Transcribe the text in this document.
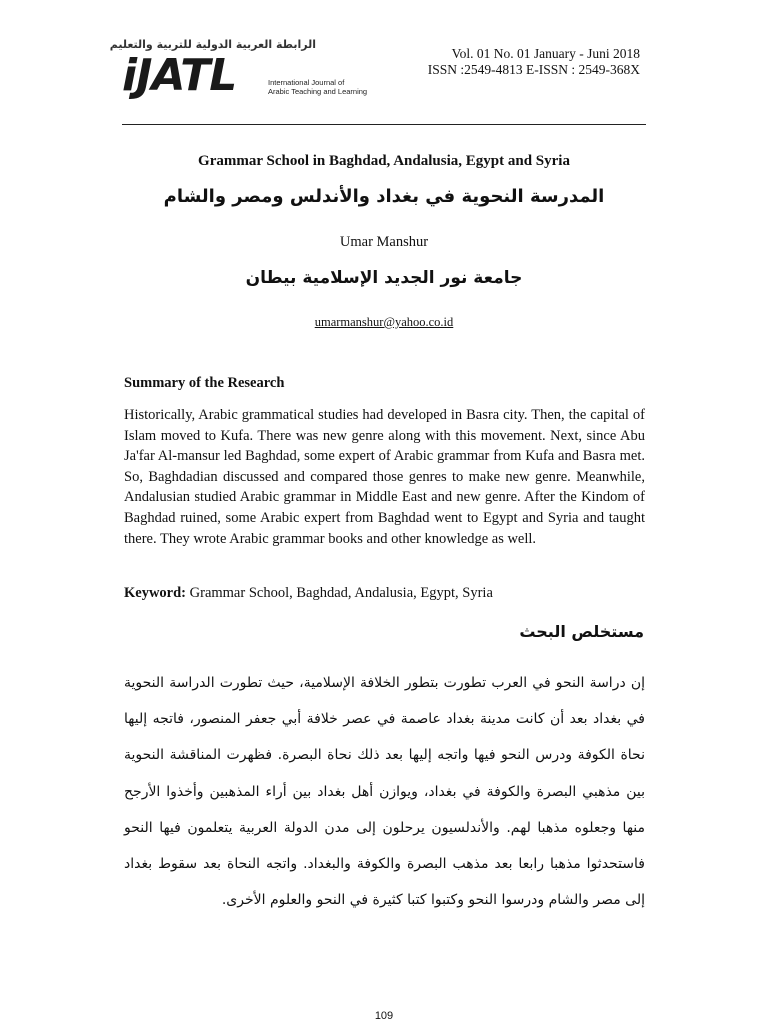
الرابطة العربية الدولية للتربية والتعليم
iJATL	International Journal of
Arabic Teaching and Learning
Vol. 01 No. 01 January - Juni 2018
ISSN :2549-4813 E-ISSN : 2549-368X
Grammar School in Baghdad, Andalusia, Egypt and Syria
المدرسة النحوية في بغداد والأندلس ومصر والشام
Umar Manshur
جامعة نور الجديد الإسلامية بيطان
umarmanshur@yahoo.co.id
Summary of the Research
Historically, Arabic grammatical studies had developed in Basra city. Then, the capital of Islam moved to Kufa. There was new genre along with this movement. Next, since Abu Ja'far Al-mansur led Baghdad, some expert of Arabic grammar from Kufa and Basra met. So, Baghdadian discussed and compared those genres to make new genre. Meanwhile, Andalusian studied Arabic grammar in Middle East and new genre. After the Kindom of Baghdad ruined, some Arabic expert from Baghdad went to Egypt and Syria and taught there. They wrote Arabic grammar books and other knowledge as well.
Keyword: Grammar School, Baghdad, Andalusia, Egypt, Syria
مستخلص البحث
إن دراسة النحو في العرب تطورت بتطور الخلافة الإسلامية، حيث تطورت الدراسة النحوية في بغداد بعد أن كانت مدينة بغداد عاصمة في عصر خلافة أبي جعفر المنصور، فاتجه إليها نحاة الكوفة ودرس النحو فيها واتجه إليها بعد ذلك نحاة البصرة. فظهرت المناقشة النحوية بين مذهبي البصرة والكوفة في بغداد، ويوازن أهل بغداد بين أراء المذهبين وأخذوا الأرجح منها وجعلوه مذهبا لهم. والأندلسيون يرحلون إلى مدن الدولة العربية يتعلمون فيها النحو فاستحدثوا مذهبا رابعا بعد مذهب البصرة والكوفة والبغداد. واتجه النحاة بعد سقوط بغداد إلى مصر والشام ودرسوا النحو وكتبوا كتبا كثيرة في النحو والعلوم الأخرى.
109
